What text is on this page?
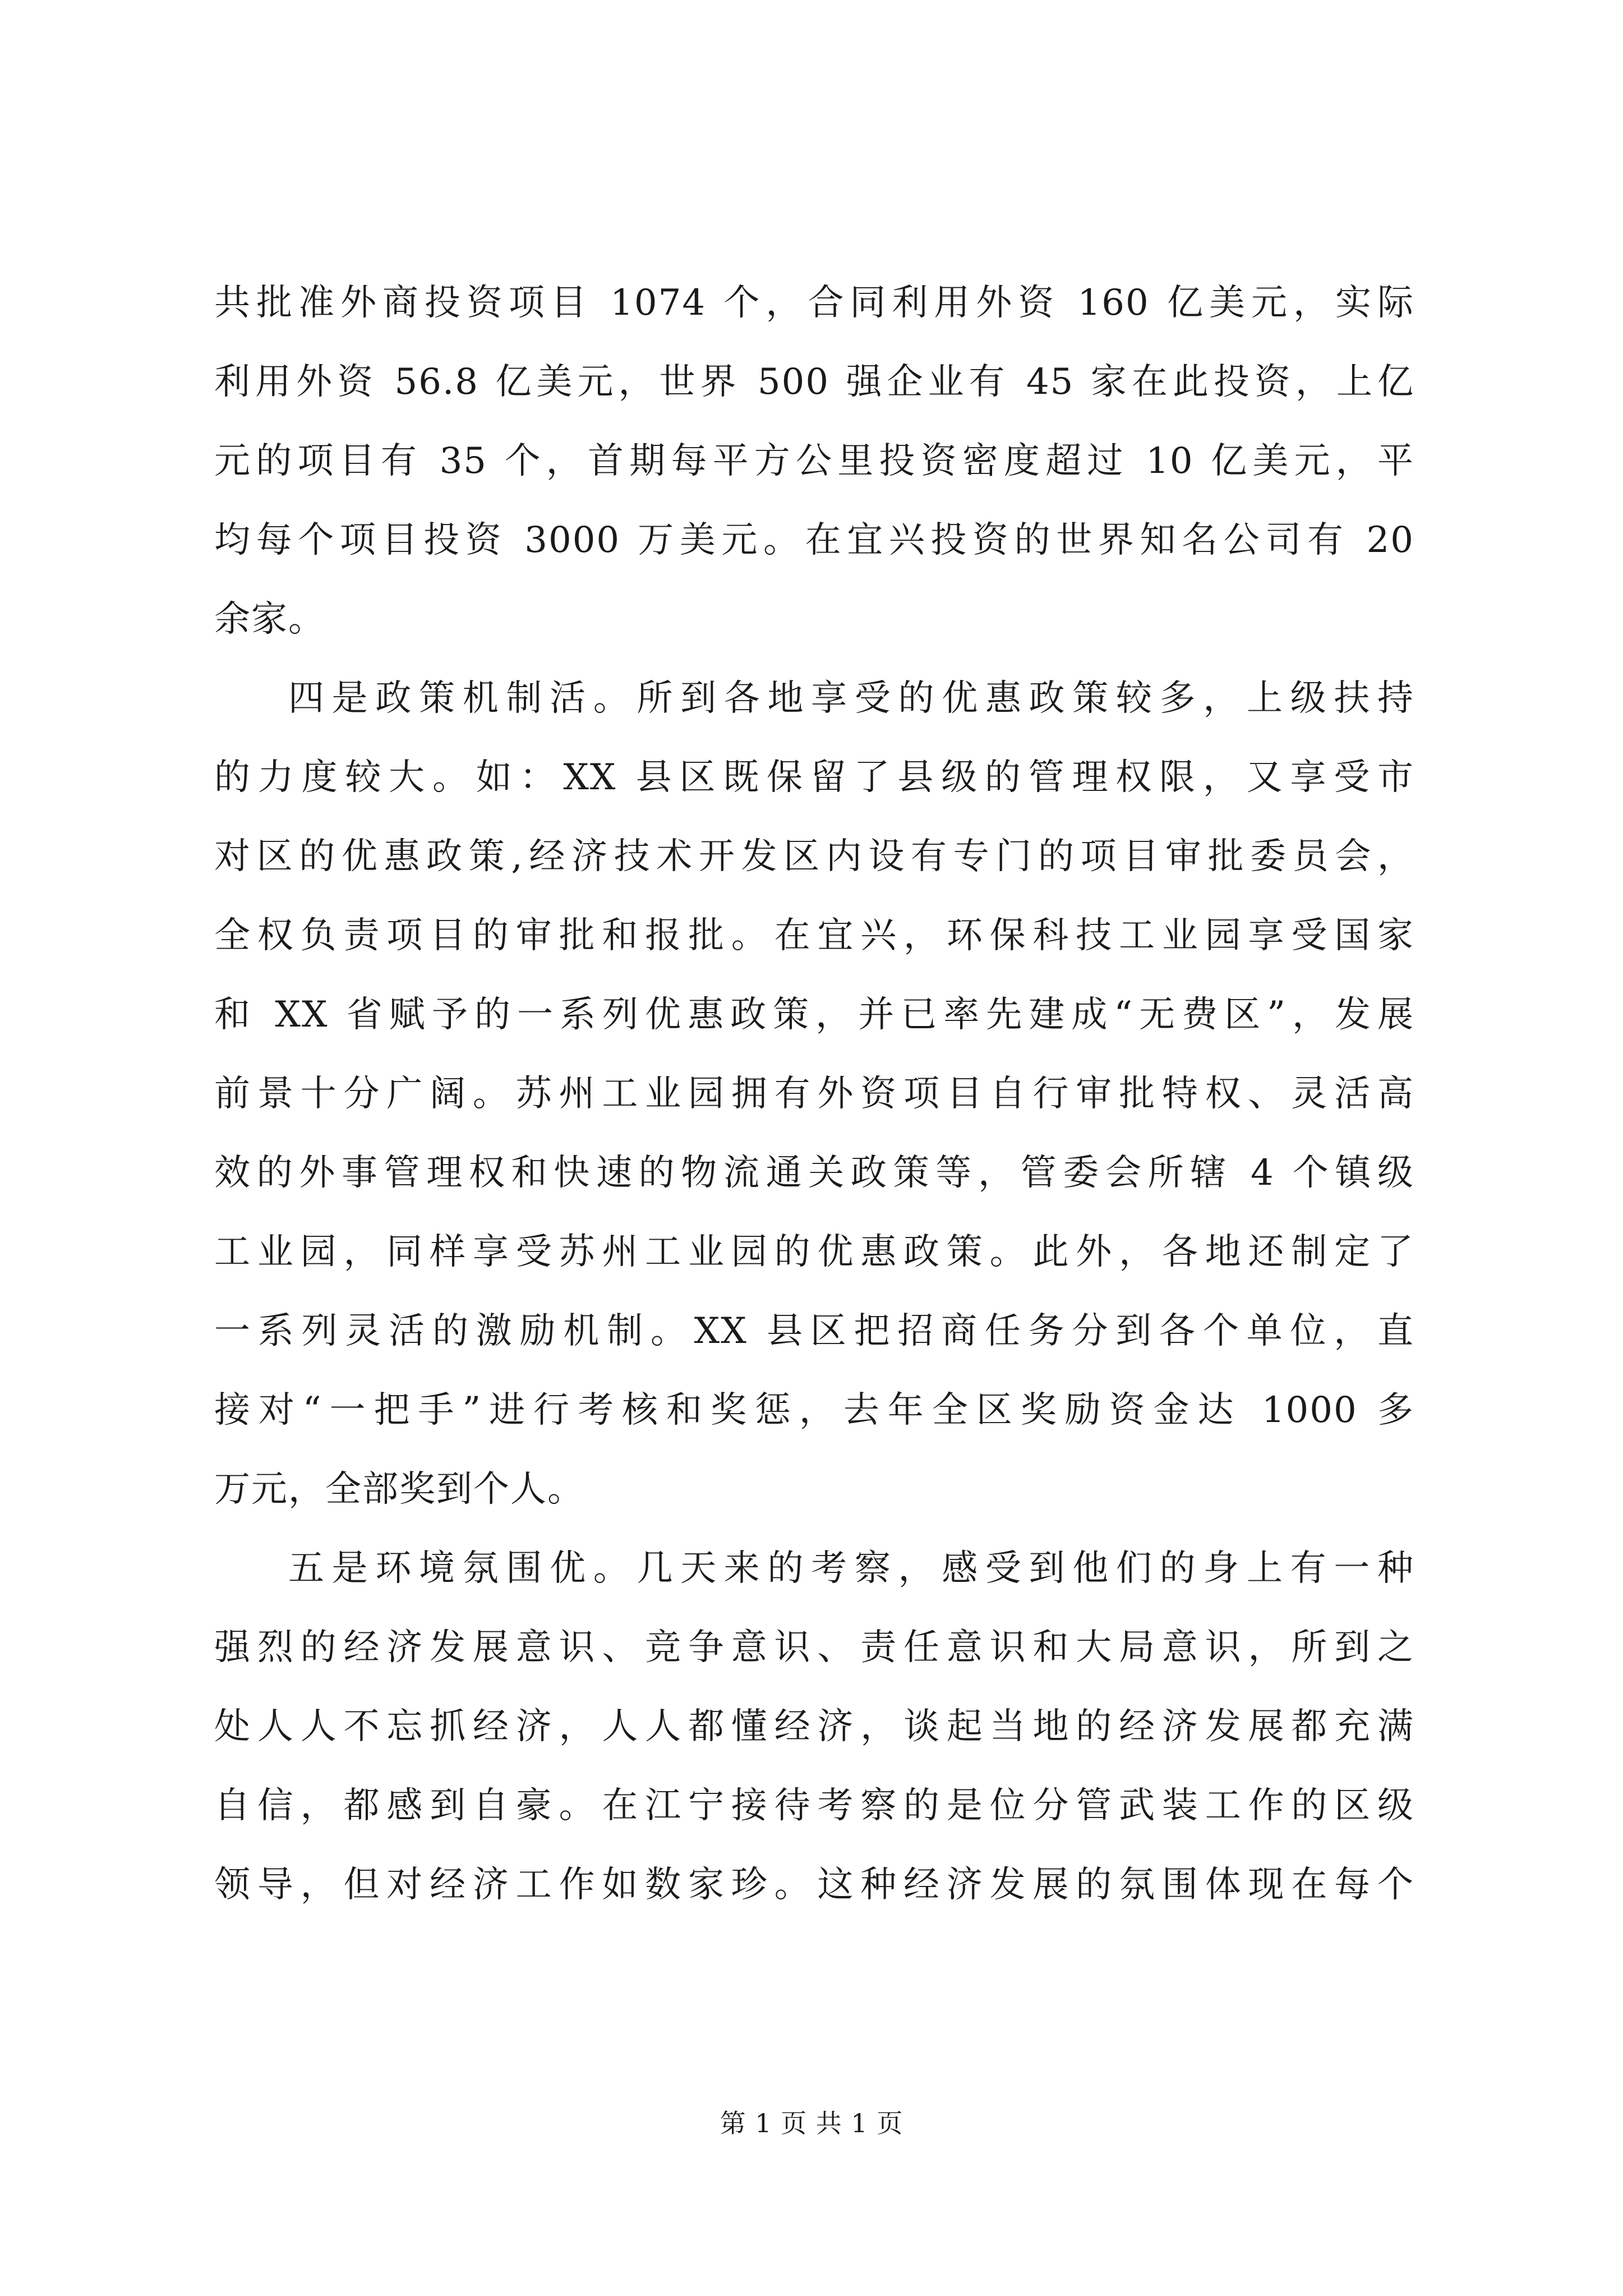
共批准外商投资项目 1074 个，合同利用外资 160 亿美元，实际
利用外资 56.8 亿美元，世界 500 强企业有 45 家在此投资，上亿
元的项目有 35 个，首期每平方公里投资密度超过 10 亿美元，平
均每个项目投资 3000 万美元。在宜兴投资的世界知名公司有 20
余家。
四是政策机制活。所到各地享受的优惠政策较多，上级扶持
的力度较大。如：XX 县区既保留了县级的管理权限，又享受市
对区的优惠政策,经济技术开发区内设有专门的项目审批委员会，
全权负责项目的审批和报批。在宜兴，环保科技工业园享受国家
和 XX 省赋予的一系列优惠政策，并已率先建成“无费区”，发展
前景十分广阔。苏州工业园拥有外资项目自行审批特权、灵活高
效的外事管理权和快速的物流通关政策等，管委会所辖 4 个镇级
工业园，同样享受苏州工业园的优惠政策。此外，各地还制定了
一系列灵活的激励机制。XX 县区把招商任务分到各个单位，直
接对“一把手”进行考核和奖惩，去年全区奖励资金达 1000 多
万元，全部奖到个人。
五是环境氛围优。几天来的考察，感受到他们的身上有一种
强烈的经济发展意识、竞争意识、责任意识和大局意识，所到之
处人人不忘抓经济，人人都懂经济，谈起当地的经济发展都充满
自信，都感到自豪。在江宁接待考察的是位分管武装工作的区级
领导，但对经济工作如数家珍。这种经济发展的氛围体现在每个
第 1 页 共 1 页
